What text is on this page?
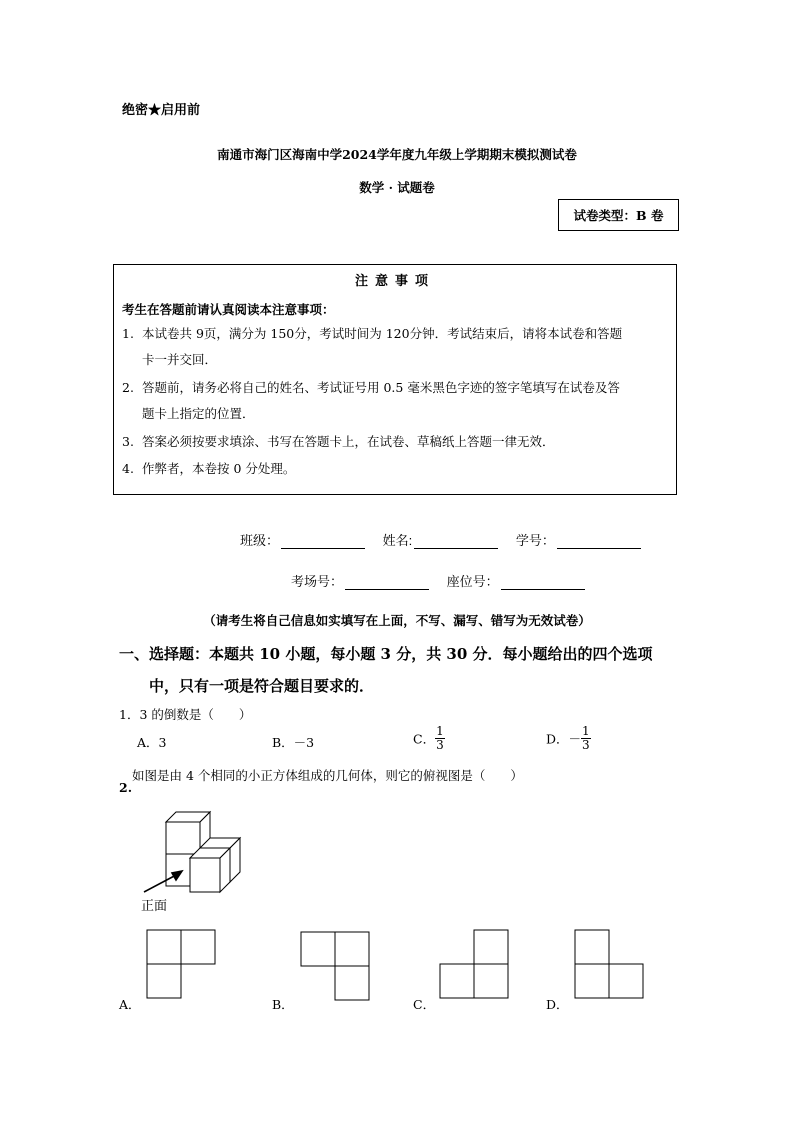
绝密★启用前
南通市海门区海南中学2024学年度九年级上学期期末模拟测试卷
数学 · 试题卷
试卷类型：B 卷
注意事项
考生在答题前请认真阅读本注意事项：
1. 本试卷共 9页，满分为 150分，考试时间为 120分钟．考试结束后，请将本试卷和答题
卡一并交回．
2. 答题前，请务必将自己的姓名、考试证号用 0.5 毫米黑色字迹的签字笔填写在试卷及答
题卡上指定的位置．
3. 答案必须按要求填涂、书写在答题卡上，在试卷、草稿纸上答题一律无效．
4. 作弊者，本卷按 0 分处理。
班级：	姓名:	学号：
考场号：	座位号：
（请考生将自己信息如实填写在上面，不写、漏写、错写为无效试卷）
一、选择题：本题共 10 小题，每小题 3 分，共 30 分．每小题给出的四个选项
中，只有一项是符合题目要求的．
1．3 的倒数是（　　）
A．3	B．－3	C． $\frac{1}{3}$	D．－ $\frac{1}{3}$
如图是由 4 个相同的小正方体组成的几何体，则它的俯视图是（　　）
2.
正面
A．	B．	C．	D．
